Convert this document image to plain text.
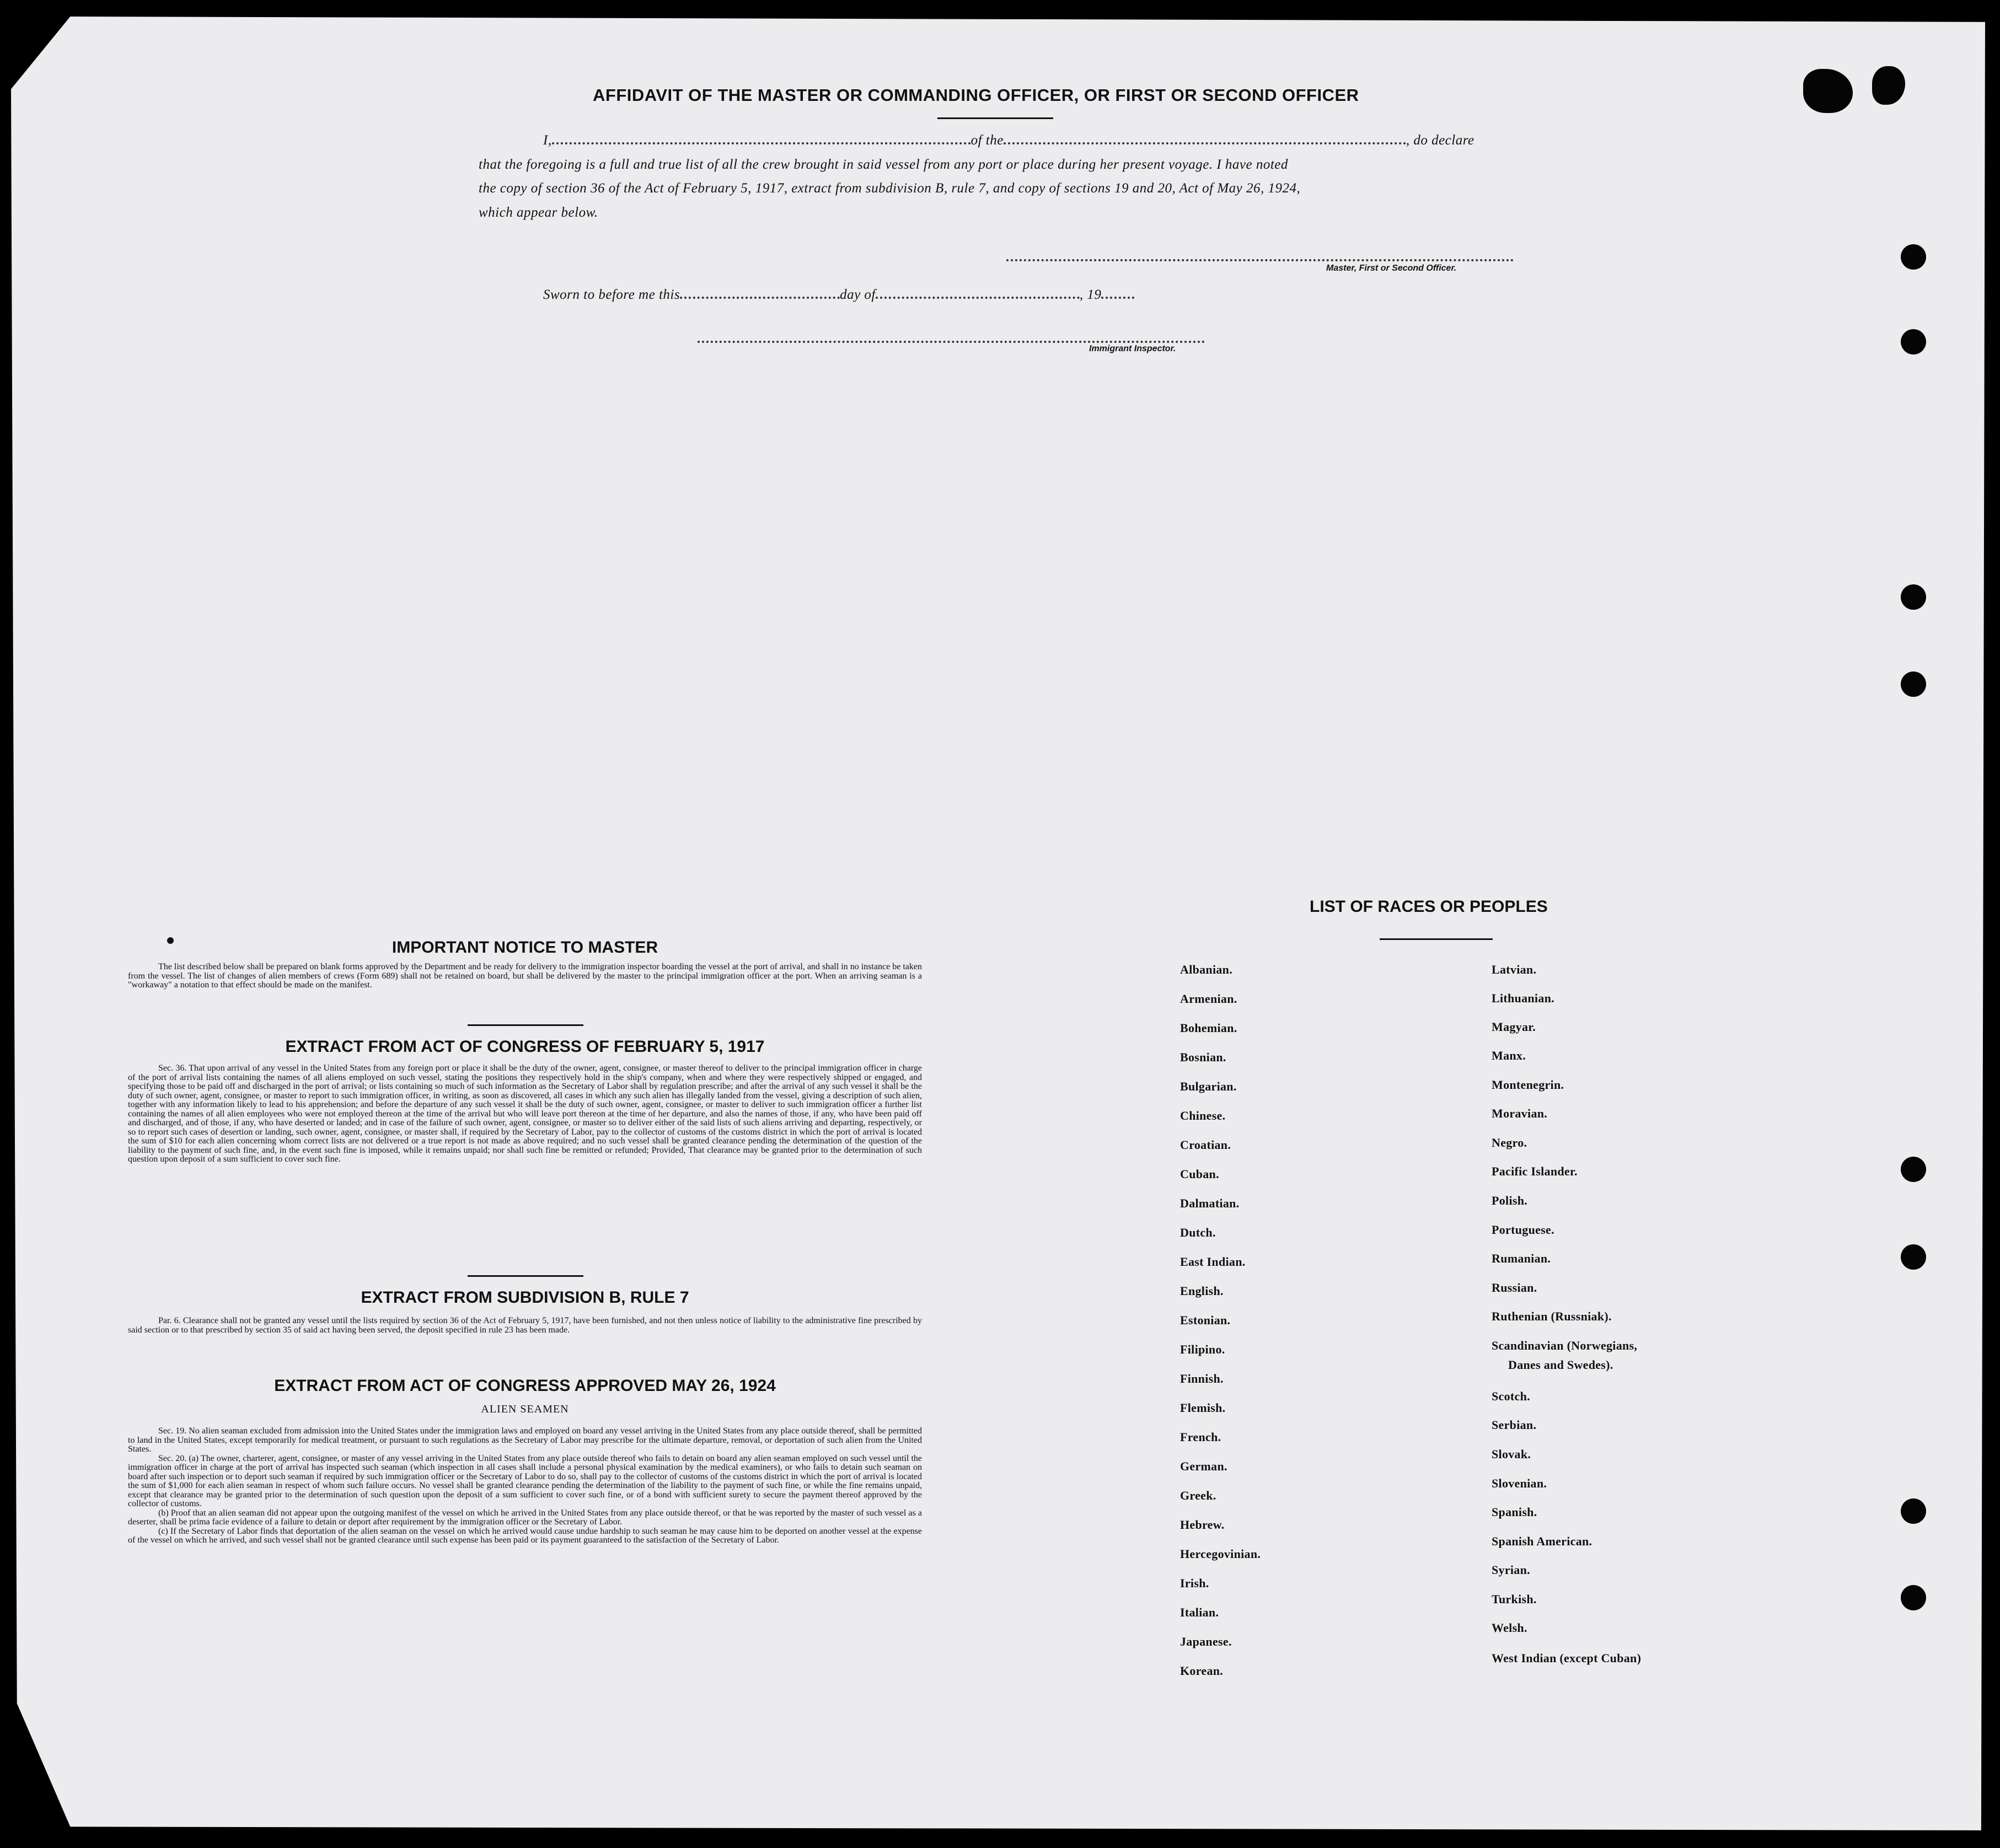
AFFIDAVIT OF THE MASTER OR COMMANDING OFFICER, OR FIRST OR SECOND OFFICER
I,	of the	, do declare
that the foregoing is a full and true list of all the crew brought in said vessel from any port or place during her present voyage. I have noted
the copy of section 36 of the Act of February 5, 1917, extract from subdivision B, rule 7, and copy of sections 19 and 20, Act of May 26, 1924,
which appear below.
Master, First or Second Officer.
Sworn to before me this	day of	, 19
Immigrant Inspector.
IMPORTANT NOTICE TO MASTER
The list described below shall be prepared on blank forms approved by the Department and be ready for delivery to the immigration inspector boarding the vessel at the port of arrival, and shall in no instance be taken from the vessel. The list of changes of alien members of crews (Form 689) shall not be retained on board, but shall be delivered by the master to the principal immigration officer at the port. When an arriving seaman is a "workaway" a notation to that effect should be made on the manifest.
EXTRACT FROM ACT OF CONGRESS OF FEBRUARY 5, 1917
Sec. 36. That upon arrival of any vessel in the United States from any foreign port or place it shall be the duty of the owner, agent, consignee, or master thereof to deliver to the principal immigration officer in charge of the port of arrival lists containing the names of all aliens employed on such vessel, stating the positions they respectively hold in the ship's company, when and where they were respectively shipped or engaged, and specifying those to be paid off and discharged in the port of arrival; or lists containing so much of such information as the Secretary of Labor shall by regulation prescribe; and after the arrival of any such vessel it shall be the duty of such owner, agent, consignee, or master to report to such immigration officer, in writing, as soon as discovered, all cases in which any such alien has illegally landed from the vessel, giving a description of such alien, together with any information likely to lead to his apprehension; and before the departure of any such vessel it shall be the duty of such owner, agent, consignee, or master to deliver to such immigration officer a further list containing the names of all alien employees who were not employed thereon at the time of the arrival but who will leave port thereon at the time of her departure, and also the names of those, if any, who have been paid off and discharged, and of those, if any, who have deserted or landed; and in case of the failure of such owner, agent, consignee, or master so to deliver either of the said lists of such aliens arriving and departing, respectively, or so to report such cases of desertion or landing, such owner, agent, consignee, or master shall, if required by the Secretary of Labor, pay to the collector of customs of the customs district in which the port of arrival is located the sum of $10 for each alien concerning whom correct lists are not delivered or a true report is not made as above required; and no such vessel shall be granted clearance pending the determination of the question of the liability to the payment of such fine, and, in the event such fine is imposed, while it remains unpaid; nor shall such fine be remitted or refunded; Provided, That clearance may be granted prior to the determination of such question upon deposit of a sum sufficient to cover such fine.
EXTRACT FROM SUBDIVISION B, RULE 7
Par. 6. Clearance shall not be granted any vessel until the lists required by section 36 of the Act of February 5, 1917, have been furnished, and not then unless notice of liability to the administrative fine prescribed by said section or to that prescribed by section 35 of said act having been served, the deposit specified in rule 23 has been made.
EXTRACT FROM ACT OF CONGRESS APPROVED MAY 26, 1924
ALIEN SEAMEN

Sec. 19. No alien seaman excluded from admission into the United States under the immigration laws and employed on board any vessel arriving in the United States from any place outside thereof, shall be permitted to land in the United States, except temporarily for medical treatment, or pursuant to such regulations as the Secretary of Labor may prescribe for the ultimate departure, removal, or deportation of such alien from the United States.

Sec. 20. (a) The owner, charterer, agent, consignee, or master of any vessel arriving in the United States from any place outside thereof who fails to detain on board any alien seaman employed on such vessel until the immigration officer in charge at the port of arrival has inspected such seaman (which inspection in all cases shall include a personal physical examination by the medical examiners), or who fails to detain such seaman on board after such inspection or to deport such seaman if required by such immigration officer or the Secretary of Labor to do so, shall pay to the collector of customs of the customs district in which the port of arrival is located the sum of $1,000 for each alien seaman in respect of whom such failure occurs. No vessel shall be granted clearance pending the determination of the liability to the payment of such fine, or while the fine remains unpaid, except that clearance may be granted prior to the determination of such question upon the deposit of a sum sufficient to cover such fine, or of a bond with sufficient surety to secure the payment thereof approved by the collector of customs.

(b) Proof that an alien seaman did not appear upon the outgoing manifest of the vessel on which he arrived in the United States from any place outside thereof, or that he was reported by the master of such vessel as a deserter, shall be prima facie evidence of a failure to detain or deport after requirement by the immigration officer or the Secretary of Labor.

(c) If the Secretary of Labor finds that deportation of the alien seaman on the vessel on which he arrived would cause undue hardship to such seaman he may cause him to be deported on another vessel at the expense of the vessel on which he arrived, and such vessel shall not be granted clearance until such expense has been paid or its payment guaranteed to the satisfaction of the Secretary of Labor.

LIST OF RACES OR PEOPLES
Albanian.
Armenian.
Bohemian.
Bosnian.
Bulgarian.
Chinese.
Croatian.
Cuban.
Dalmatian.
Dutch.
East Indian.
English.
Estonian.
Filipino.
Finnish.
Flemish.
French.
German.
Greek.
Hebrew.
Hercegovinian.
Irish.
Italian.
Japanese.
Korean.
Latvian.
Lithuanian.
Magyar.
Manx.
Montenegrin.
Moravian.
Negro.
Pacific Islander.
Polish.
Portuguese.
Rumanian.
Russian.
Ruthenian (Russniak).
Scandinavian (Norwegians,
Danes and Swedes).
Scotch.
Serbian.
Slovak.
Slovenian.
Spanish.
Spanish American.
Syrian.
Turkish.
Welsh.
West Indian (except Cuban)
